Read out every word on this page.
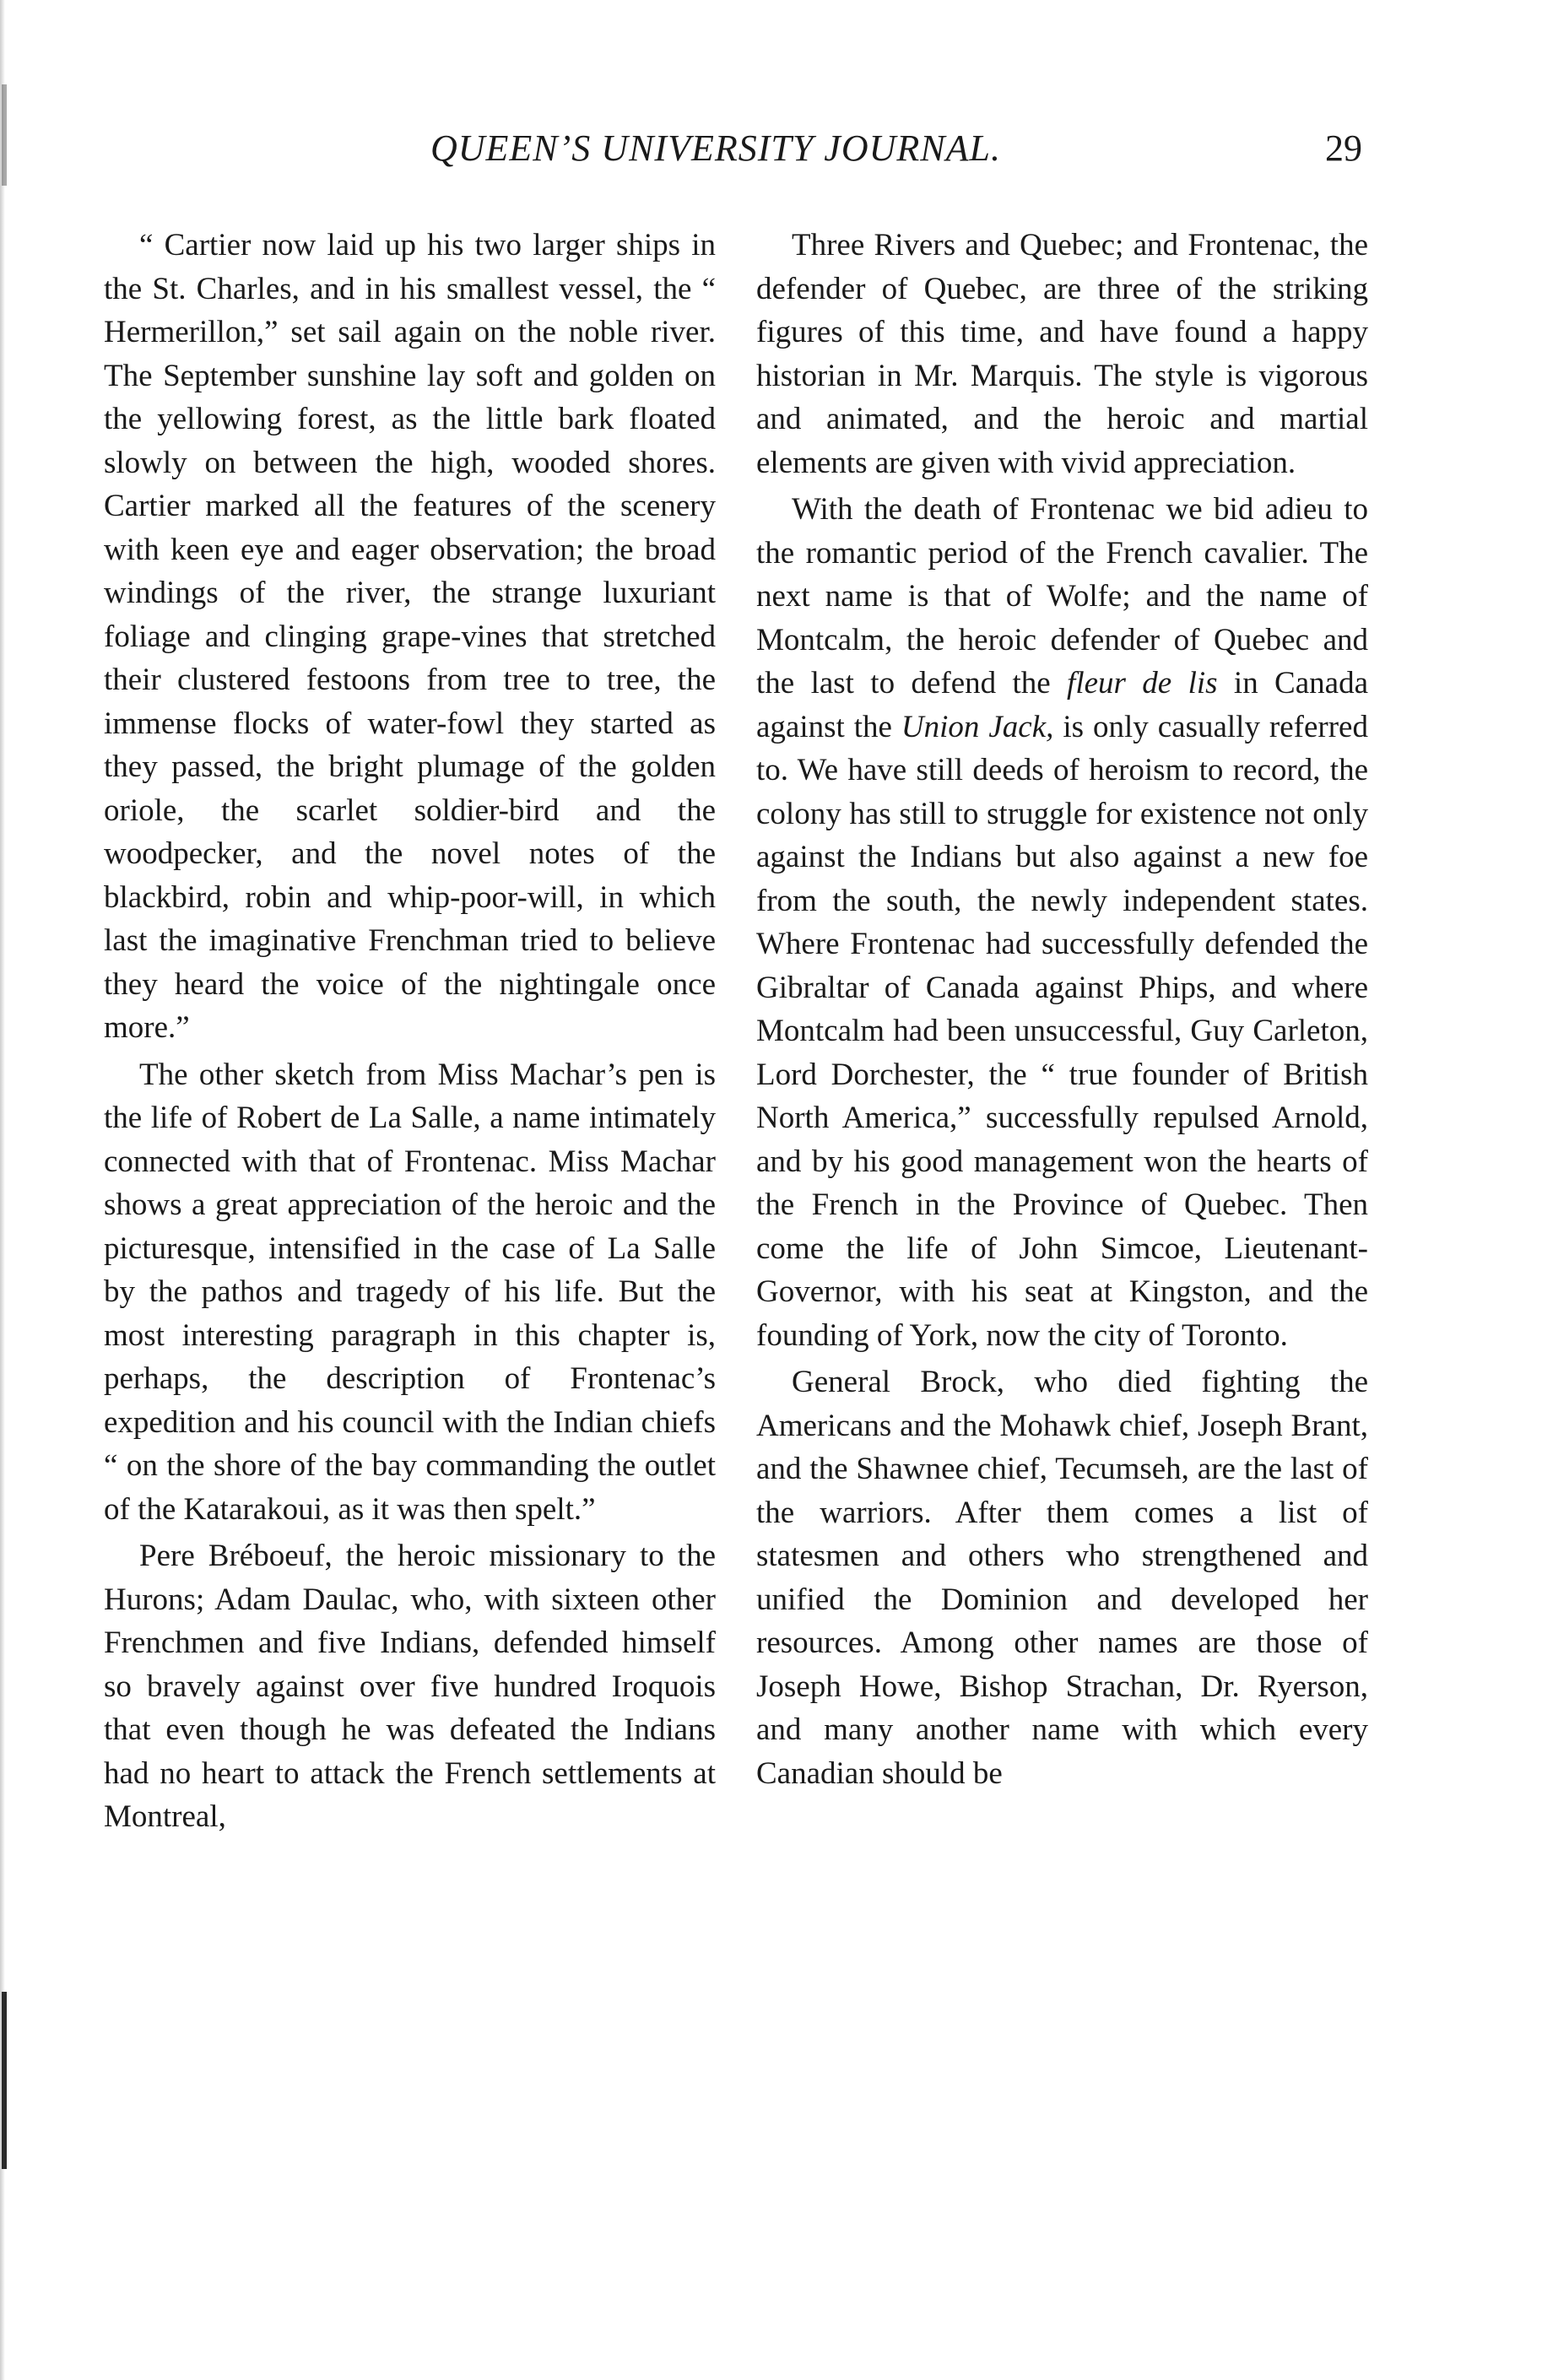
QUEEN’S UNIVERSITY JOURNAL.	29

“ Cartier now laid up his two larger ships in the St. Charles, and in his smallest vessel, the “ Hermerillon,” set sail again on the noble river. The September sunshine lay soft and golden on the yellowing forest, as the little bark floated slowly on between the high, wooded shores. Cartier marked all the features of the scenery with keen eye and eager observation; the broad windings of the river, the strange luxuriant foliage and clinging grape-vines that stretched their clustered festoons from tree to tree, the immense flocks of water-fowl they started as they passed, the bright plumage of the golden oriole, the scarlet soldier-bird and the woodpecker, and the novel notes of the blackbird, robin and whip-poor-will, in which last the imaginative Frenchman tried to believe they heard the voice of the nightingale once more.”

The other sketch from Miss Machar’s pen is the life of Robert de La Salle, a name intimately connected with that of Frontenac. Miss Machar shows a great appreciation of the heroic and the picturesque, intensified in the case of La Salle by the pathos and tragedy of his life. But the most interesting paragraph in this chapter is, perhaps, the description of Frontenac’s expedition and his council with the Indian chiefs “ on the shore of the bay commanding the outlet of the Katarakoui, as it was then spelt.”

Pere Bréboeuf, the heroic missionary to the Hurons; Adam Daulac, who, with sixteen other Frenchmen and five Indians, defended himself so bravely against over five hundred Iroquois that even though he was defeated the Indians had no heart to attack the French settlements at Montreal,

Three Rivers and Quebec; and Frontenac, the defender of Quebec, are three of the striking figures of this time, and have found a happy historian in Mr. Marquis. The style is vigorous and animated, and the heroic and martial elements are given with vivid appreciation.

With the death of Frontenac we bid adieu to the romantic period of the French cavalier. The next name is that of Wolfe; and the name of Montcalm, the heroic defender of Quebec and the last to defend the fleur de lis in Canada against the Union Jack, is only casually referred to. We have still deeds of heroism to record, the colony has still to struggle for existence not only against the Indians but also against a new foe from the south, the newly independent states. Where Frontenac had successfully defended the Gibraltar of Canada against Phips, and where Montcalm had been unsuccessful, Guy Carleton, Lord Dorchester, the “ true founder of British North America,” successfully repulsed Arnold, and by his good management won the hearts of the French in the Province of Quebec. Then come the life of John Simcoe, Lieutenant-Governor, with his seat at Kingston, and the founding of York, now the city of Toronto.

General Brock, who died fighting the Americans and the Mohawk chief, Joseph Brant, and the Shawnee chief, Tecumseh, are the last of the warriors. After them comes a list of statesmen and others who strengthened and unified the Dominion and developed her resources. Among other names are those of Joseph Howe, Bishop Strachan, Dr. Ryerson, and many another name with which every Canadian should be
